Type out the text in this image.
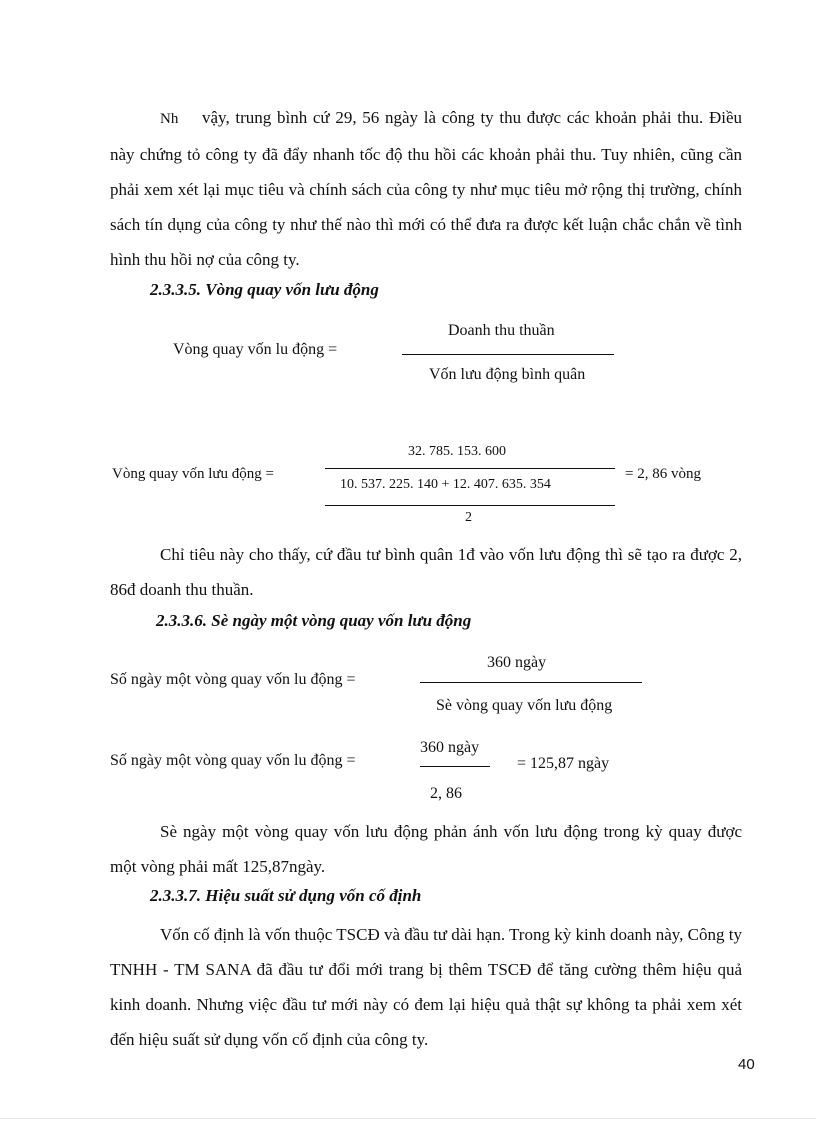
Nh vậy, trung bình cứ 29, 56 ngày là công ty thu được các khoản phải thu. Điều này chứng tỏ công ty đã đẩy nhanh tốc độ thu hồi các khoản phải thu. Tuy nhiên, cũng cần phải xem xét lại mục tiêu và chính sách của công ty như mục tiêu mở rộng thị trường, chính sách tín dụng của công ty như thế nào thì mới có thể đưa ra được kết luận chắc chắn về tình hình thu hồi nợ của công ty.
2.3.3.5. Vòng quay vốn lưu động
Vòng quay vốn lu động =
Doanh thu thuần
Vốn lưu động bình quân
Vòng quay vốn lưu động =
32. 785. 153. 600
10. 537. 225. 140 + 12. 407. 635. 354
2
= 2, 86 vòng
Chỉ tiêu này cho thấy, cứ đầu tư bình quân 1đ vào vốn lưu động thì sẽ tạo ra được 2, 86đ doanh thu thuần.
2.3.3.6. Sè ngày một vòng quay vốn lưu động
Số ngày một vòng quay vốn lu động =
360 ngày
Sè vòng quay vốn lưu động
Số ngày một vòng quay vốn lu động =
360 ngày
2, 86
= 125,87 ngày
Sè ngày một vòng quay vốn lưu động phản ánh vốn lưu động trong kỳ quay được một vòng phải mất 125,87ngày.
2.3.3.7. Hiệu suất sử dụng vốn cố định
Vốn cố định là vốn thuộc TSCĐ và đầu tư dài hạn. Trong kỳ kinh doanh này, Công ty TNHH - TM SANA đã đầu tư đổi mới trang bị thêm TSCĐ để tăng cường thêm hiệu quả kinh doanh. Nhưng việc đầu tư mới này có đem lại hiệu quả thật sự không ta phải xem xét đến hiệu suất sử dụng vốn cố định của công ty.
40
